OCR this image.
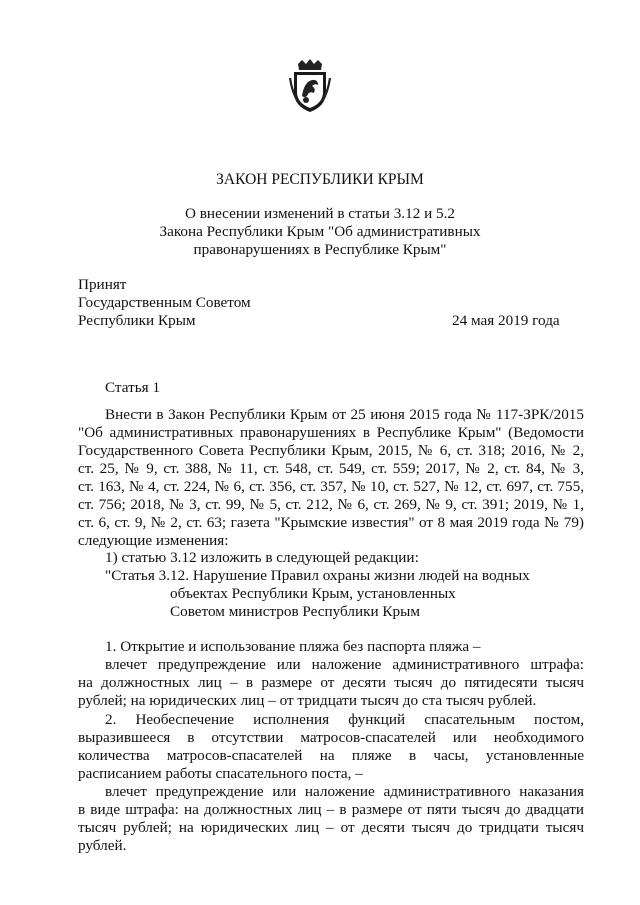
ЗАКОН РЕСПУБЛИКИ КРЫМ
О внесении изменений в статьи 3.12 и 5.2
Закона Республики Крым "Об административных
правонарушениях в Республике Крым"
Принят
Государственным Советом
Республики Крым	24 мая 2019 года
Статья 1
Внести в Закон Республики Крым от 25 июня 2015 года № 117-ЗРК/2015
"Об административных правонарушениях в Республике Крым" (Ведомости
Государственного Совета Республики Крым, 2015, № 6, ст. 318; 2016, № 2,
ст. 25, № 9, ст. 388, № 11, ст. 548, ст. 549, ст. 559; 2017, № 2, ст. 84, № 3,
ст. 163, № 4, ст. 224, № 6, ст. 356, ст. 357, № 10, ст. 527, № 12, ст. 697, ст. 755,
ст. 756; 2018, № 3, ст. 99, № 5, ст. 212, № 6, ст. 269, № 9, ст. 391; 2019, № 1,
ст. 6, ст. 9, № 2, ст. 63; газета "Крымские известия" от 8 мая 2019 года № 79)
следующие изменения:
1) статью 3.12 изложить в следующей редакции:
"Статья 3.12. Нарушение Правил охраны жизни людей на водных
объектах Республики Крым, установленных
Советом министров Республики Крым
1. Открытие и использование пляжа без паспорта пляжа –
влечет предупреждение или наложение административного штрафа:
на должностных лиц – в размере от десяти тысяч до пятидесяти тысяч
рублей; на юридических лиц – от тридцати тысяч до ста тысяч рублей.
2. Необеспечение исполнения функций спасательным постом,
выразившееся в отсутствии матросов-спасателей или необходимого
количества матросов-спасателей на пляже в часы, установленные
расписанием работы спасательного поста, –
влечет предупреждение или наложение административного наказания
в виде штрафа: на должностных лиц – в размере от пяти тысяч до двадцати
тысяч рублей; на юридических лиц – от десяти тысяч до тридцати тысяч
рублей.
